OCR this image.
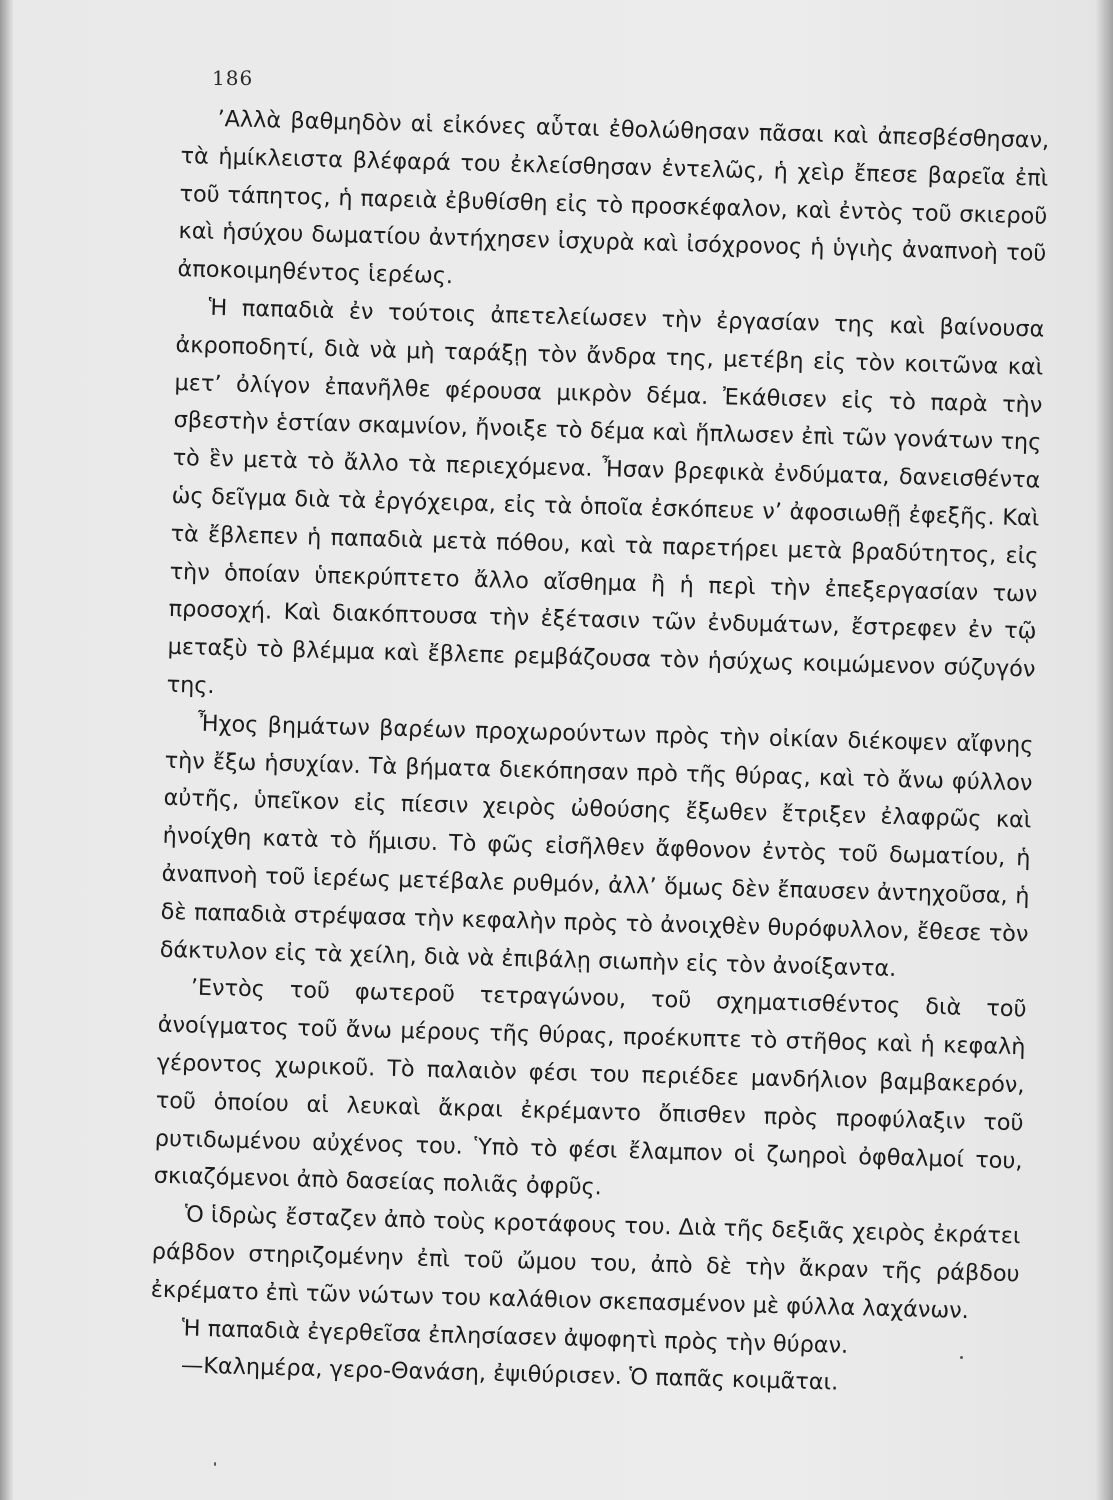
186

’Αλλὰ βαθμηδὸν αἱ εἰκόνες αὗται ἐθολώθησαν πᾶσαι καὶ ἀπεσβέσθησαν, τὰ ἡμίκλειστα βλέφαρά του ἐκλείσθησαν ἐντελῶς, ἡ χεὶρ ἔπεσε βαρεῖα ἐπὶ τοῦ τάπητος, ἡ παρειὰ ἐβυθίσθη εἰς τὸ προσκέφαλον, καὶ ἐντὸς τοῦ σκιεροῦ καὶ ἡσύχου δωματίου ἀντήχησεν ἰσχυρὰ καὶ ἰσόχρονος ἡ ὑγιὴς ἀναπνοὴ τοῦ ἀποκοιμηθέντος ἱερέως.

Ἡ παπαδιὰ ἐν τούτοις ἀπετελείωσεν τὴν ἐργασίαν της καὶ βαίνουσα ἀκροποδητί, διὰ νὰ μὴ ταράξῃ τὸν ἄνδρα της, μετέβη εἰς τὸν κοιτῶνα καὶ μετ’ ὀλίγον ἐπανῆλθε φέρουσα μικρὸν δέμα. Ἐκάθισεν εἰς τὸ παρὰ τὴν σβεστὴν ἑστίαν σκαμνίον, ἤνοιξε τὸ δέμα καὶ ἥπλωσεν ἐπὶ τῶν γονάτων της τὸ ἓν μετὰ τὸ ἄλλο τὰ περιεχόμενα. Ἦσαν βρεφικὰ ἐνδύματα, δανεισθέντα ὡς δεῖγμα διὰ τὰ ἐργόχειρα, εἰς τὰ ὁποῖα ἐσκόπευε ν’ ἀφοσιωθῇ ἐφεξῆς. Καὶ τὰ ἔβλεπεν ἡ παπαδιὰ μετὰ πόθου, καὶ τὰ παρετήρει μετὰ βραδύτητος, εἰς τὴν ὁποίαν ὑπεκρύπτετο ἄλλο αἴσθημα ἢ ἡ περὶ τὴν ἐπεξεργασίαν των προσοχή. Καὶ διακόπτουσα τὴν ἐξέτασιν τῶν ἐνδυμάτων, ἔστρεφεν ἐν τῷ μεταξὺ τὸ βλέμμα καὶ ἔβλεπε ρεμβάζουσα τὸν ἡσύχως κοιμώμενον σύζυγόν της.

Ἦχος βημάτων βαρέων προχωρούντων πρὸς τὴν οἰκίαν διέκοψεν αἴφνης τὴν ἔξω ἡσυχίαν. Τὰ βήματα διεκόπησαν πρὸ τῆς θύρας, καὶ τὸ ἄνω φύλλον αὐτῆς, ὑπεῖκον εἰς πίεσιν χειρὸς ὠθούσης ἔξωθεν ἔτριξεν ἐλαφρῶς καὶ ἠνοίχθη κατὰ τὸ ἥμισυ. Τὸ φῶς εἰσῆλθεν ἄφθονον ἐντὸς τοῦ δωματίου, ἡ ἀναπνοὴ τοῦ ἱερέως μετέβαλε ρυθμόν, ἀλλ’ ὅμως δὲν ἔπαυσεν ἀντηχοῦσα, ἡ δὲ παπαδιὰ στρέψασα τὴν κεφαλὴν πρὸς τὸ ἀνοιχθὲν θυρόφυλλον, ἔθεσε τὸν δάκτυλον εἰς τὰ χείλη, διὰ νὰ ἐπιβάλῃ σιωπὴν εἰς τὸν ἀνοίξαντα.

’Εντὸς τοῦ φωτεροῦ τετραγώνου, τοῦ σχηματισθέντος διὰ τοῦ ἀνοίγματος τοῦ ἄνω μέρους τῆς θύρας, προέκυπτε τὸ στῆθος καὶ ἡ κεφαλὴ γέροντος χωρικοῦ. Τὸ παλαιὸν φέσι του περιέδεε μανδήλιον βαμβακερόν, τοῦ ὁποίου αἱ λευκαὶ ἄκραι ἐκρέμαντο ὄπισθεν πρὸς προφύλαξιν τοῦ ρυτιδωμένου αὐχένος του. Ὑπὸ τὸ φέσι ἔλαμπον οἱ ζωηροὶ ὀφθαλμοί του, σκιαζόμενοι ἀπὸ δασείας πολιᾶς ὀφρῦς.

Ὁ ἱδρὼς ἔσταζεν ἀπὸ τοὺς κροτάφους του. Διὰ τῆς δεξιᾶς χειρὸς ἐκράτει ράβδον στηριζομένην ἐπὶ τοῦ ὤμου του, ἀπὸ δὲ τὴν ἄκραν τῆς ράβδου ἐκρέματο ἐπὶ τῶν νώτων του καλάθιον σκεπασμένον μὲ φύλλα λαχάνων.

Ἡ παπαδιὰ ἐγερθεῖσα ἐπλησίασεν ἀψοφητὶ πρὸς τὴν θύραν.

—Καλημέρα, γερο-Θανάση, ἐψιθύρισεν. Ὁ παπᾶς κοιμᾶται.
